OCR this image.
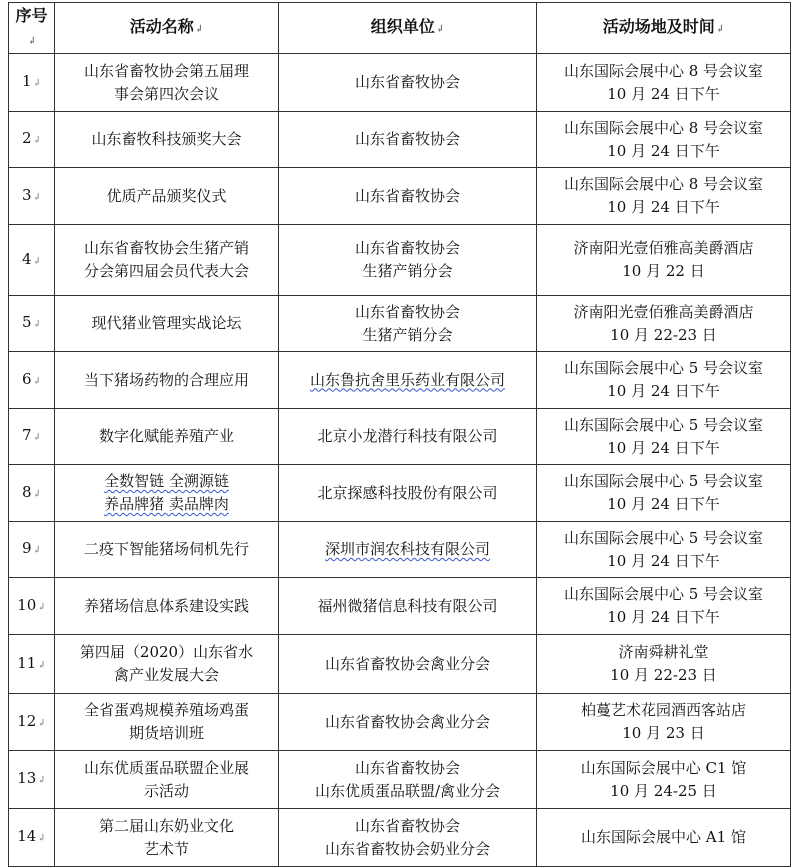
序号↲	活动名称↲	组织单位↲	活动场地及时间↲
1↲	山东省畜牧协会第五届理
事会第四次会议	山东省畜牧协会	山东国际会展中心 8 号会议室
10 月 24 日下午

2↲	山东畜牧科技颁奖大会	山东省畜牧协会	山东国际会展中心 8 号会议室
10 月 24 日下午

3↲	优质产品颁奖仪式	山东省畜牧协会	山东国际会展中心 8 号会议室
10 月 24 日下午

4↲	山东省畜牧协会生猪产销
分会第四届会员代表大会	山东省畜牧协会
生猪产销分会	济南阳光壹佰雅高美爵酒店
10 月 22 日

5↲	现代猪业管理实战论坛	山东省畜牧协会
生猪产销分会	济南阳光壹佰雅高美爵酒店
10 月 22-23 日

6↲	当下猪场药物的合理应用	山东鲁抗舍里乐药业有限公司	山东国际会展中心 5 号会议室
10 月 24 日下午

7↲	数字化赋能养殖产业	北京小龙潜行科技有限公司	山东国际会展中心 5 号会议室
10 月 24 日下午

8↲	全数智链 全溯源链
养品牌猪 卖品牌肉	北京探感科技股份有限公司	山东国际会展中心 5 号会议室
10 月 24 日下午

9↲	二疫下智能猪场伺机先行	深圳市润农科技有限公司	山东国际会展中心 5 号会议室
10 月 24 日下午

10↲	养猪场信息体系建设实践	福州微猪信息科技有限公司	山东国际会展中心 5 号会议室
10 月 24 日下午

11↲	第四届（2020）山东省水
禽产业发展大会	山东省畜牧协会禽业分会	济南舜耕礼堂
10 月 22-23 日

12↲	全省蛋鸡规模养殖场鸡蛋
期货培训班	山东省畜牧协会禽业分会	柏蔓艺术花园酒西客站店
10 月 23 日

13↲	山东优质蛋品联盟企业展
示活动	山东省畜牧协会
山东优质蛋品联盟/禽业分会	山东国际会展中心 C1 馆
10 月 24-25 日

14↲	第二届山东奶业文化
艺术节	山东省畜牧协会
山东省畜牧协会奶业分会	山东国际会展中心 A1 馆
